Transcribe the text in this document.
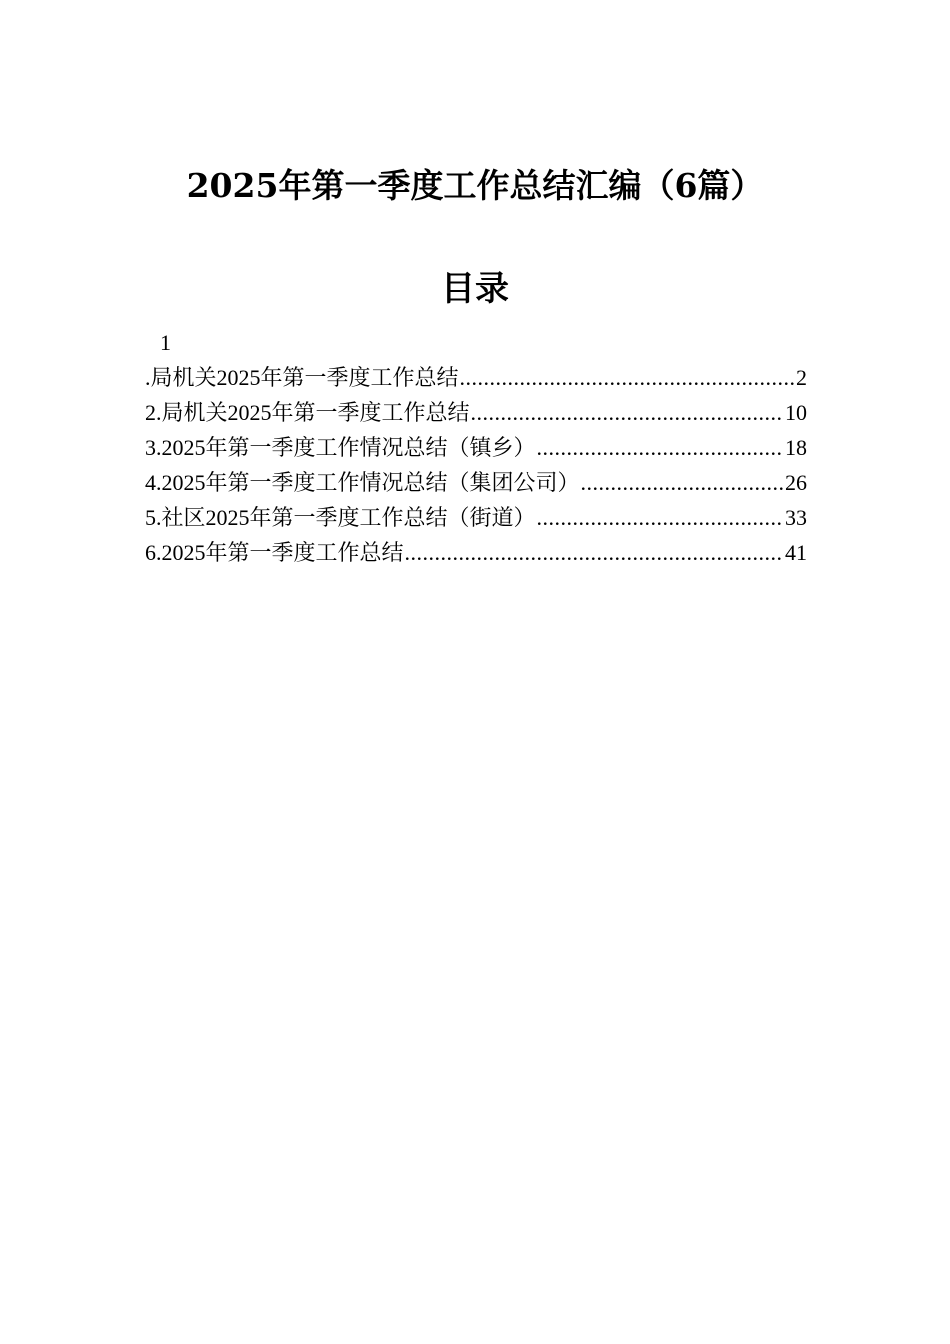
2025年第一季度工作总结汇编（6篇）
目录
1
.局机关2025年第一季度工作总结 .....	2
2.局机关2025年第一季度工作总结 .....	10
3.2025年第一季度工作情况总结（镇乡） .....	18
4.2025年第一季度工作情况总结（集团公司） .....	26
5.社区2025年第一季度工作总结（街道） .....	33
6.2025年第一季度工作总结 .....	41
